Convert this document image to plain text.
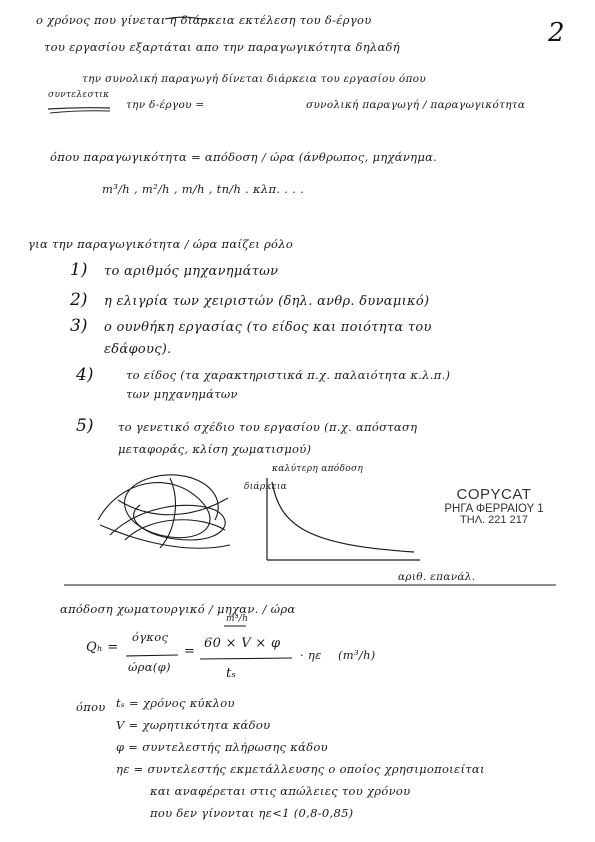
2
ο χρόνος που γίνεται η διάρκεια εκτέλεση του δ-έργου
του εργασίου εξαρτάται απο την παραγωγικότητα δηλαδή
την συνολική παραγωγή δίνεται διάρκεια του εργασίου όπου
συντελεστικ
την δ-έργου =	συνολική παραγωγή / παραγωγικότητα
όπου παραγωγικότητα = απόδοση / ώρα (άνθρωπος, μηχάνημα.
m³/h , m²/h , m/h , tn/h . κλπ. . . .
για την παραγωγικότητα / ώρα παίζει ρόλο
1) το αριθμός μηχανημάτων
2) η ελιγρία των χειριστών (δηλ. ανθρ. δυναμικό)
3) ο ουνθήκη εργασίας (το είδος και ποιότητα του
εδάφους).
4)	το είδος (τα χαρακτηριστικά π.χ. παλαιότητα κ.λ.π.)
των μηχανημάτων
5) το γενετικό σχέδιο του εργασίου (π.χ. απόσταση
μεταφοράς, κλίση χωματισμού)
καλύτερη απόδοση
διάρκεια
αριθ. επανάλ.
COPYCAT
ΡΗΓΑ ΦΕΡΡΑΙΟΥ 1
ΤΗΛ. 221 217
απόδοση χωματουργικό / μηχαν. / ώρα
Qₕ =
όγκος
ώρα(φ)
=
m³/h
60 × V × φ
tₛ
· ηε (m³/h)
όπου tₛ = χρόνος κύκλου
V = χωρητικότητα κάδου
φ = συντελεστής πλήρωσης κάδου
ηε = συντελεστής εκμετάλλευσης ο οποίος χρησιμοποιείται
και αναφέρεται στις απώλειες του χρόνου
που δεν γίνονται ηε<1 (0,8-0,85)
